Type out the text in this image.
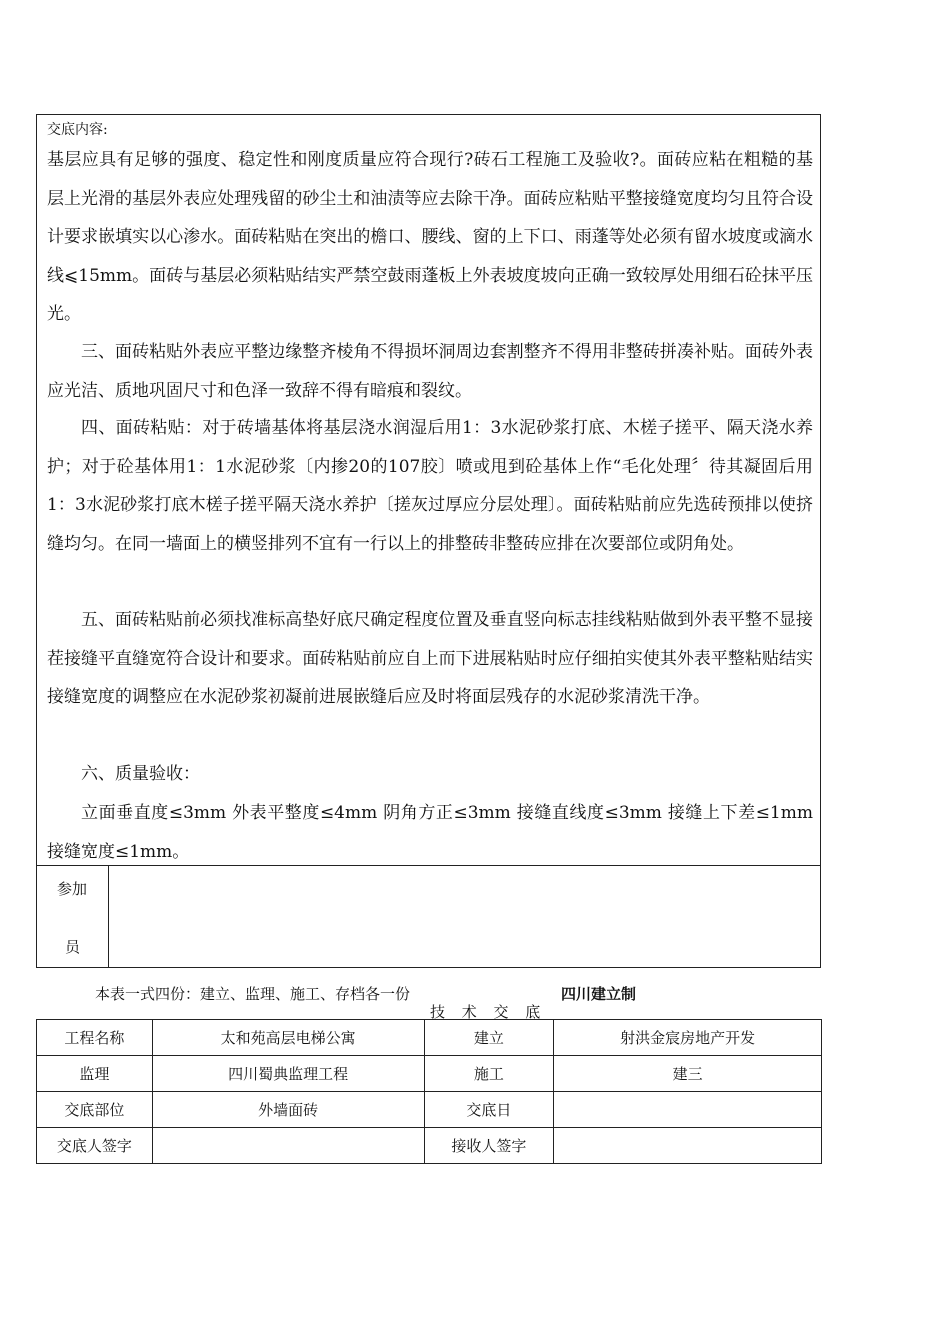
交底内容:
基层应具有足够的强度、稳定性和刚度质量应符合现行?砖石工程施工及验收?。面砖应粘在粗糙的基层上光滑的基层外表应处理残留的砂尘土和油渍等应去除干净。面砖应粘贴平整接缝宽度均匀且符合设计要求嵌填实以心渗水。面砖粘贴在突出的檐口、腰线、窗的上下口、雨蓬等处必须有留水坡度或滴水线⩽15mm。面砖与基层必须粘贴结实严禁空鼓雨蓬板上外表坡度坡向正确一致较厚处用细石砼抹平压光。
三、面砖粘贴外表应平整边缘整齐棱角不得损坏洞周边套割整齐不得用非整砖拼凑补贴。面砖外表应光洁、质地巩固尺寸和色泽一致辞不得有暗痕和裂纹。
四、面砖粘贴：对于砖墙基体将基层浇水润湿后用1：3水泥砂浆打底、木槎子搓平、隔天浇水养护；对于砼基体用1：1水泥砂浆〔内掺20的107胶〕喷或甩到砼基体上作“毛化处理〞待其凝固后用1：3水泥砂浆打底木槎子搓平隔天浇水养护〔搓灰过厚应分层处理〕。面砖粘贴前应先选砖预排以使挤缝均匀。在同一墙面上的横竖排列不宜有一行以上的排整砖非整砖应排在次要部位或阴角处。
五、面砖粘贴前必须找准标高垫好底尺确定程度位置及垂直竖向标志挂线粘贴做到外表平整不显接茬接缝平直缝宽符合设计和要求。面砖粘贴前应自上而下进展粘贴时应仔细拍实使其外表平整粘贴结实接缝宽度的调整应在水泥砂浆初凝前进展嵌缝后应及时将面层残存的水泥砂浆清洗干净。
六、质量验收：
立面垂直度≤3mm 外表平整度≤4mm 阴角方正≤3mm 接缝直线度≤3mm 接缝上下差≤1mm 接缝宽度≤1mm。
参加
员
本表一式四份：建立、监理、施工、存档各一份	四川建立制
技 术 交 底
工程名称	太和苑高层电梯公寓	建立	射洪金宸房地产开发
监理	四川蜀典监理工程	施工	建三
交底部位	外墙面砖	交底日	
交底人签字		接收人签字	
